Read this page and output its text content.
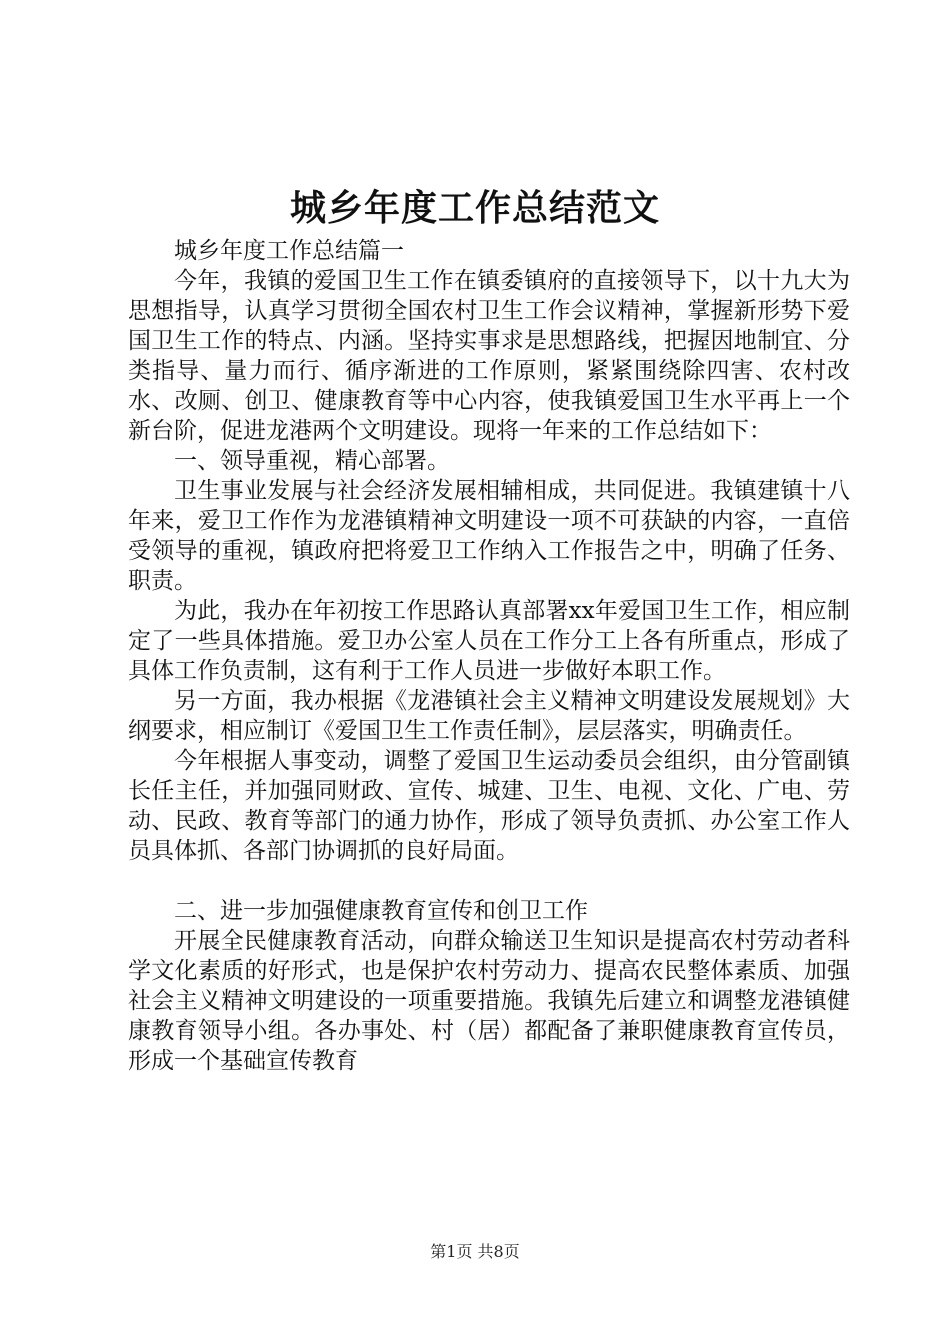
城乡年度工作总结范文

城乡年度工作总结篇一

今年，我镇的爱国卫生工作在镇委镇府的直接领导下，以十九大为思想指导，认真学习贯彻全国农村卫生工作会议精神，掌握新形势下爱国卫生工作的特点、内涵。坚持实事求是思想路线，把握因地制宜、分类指导、量力而行、循序渐进的工作原则，紧紧围绕除四害、农村改水、改厕、创卫、健康教育等中心内容，使我镇爱国卫生水平再上一个新台阶，促进龙港两个文明建设。现将一年来的工作总结如下：

一、领导重视，精心部署。

卫生事业发展与社会经济发展相辅相成，共同促进。我镇建镇十八年来，爱卫工作作为龙港镇精神文明建设一项不可获缺的内容，一直倍受领导的重视，镇政府把将爱卫工作纳入工作报告之中，明确了任务、职责。

为此，我办在年初按工作思路认真部署xx年爱国卫生工作，相应制定了一些具体措施。爱卫办公室人员在工作分工上各有所重点，形成了具体工作负责制，这有利于工作人员进一步做好本职工作。

另一方面，我办根据《龙港镇社会主义精神文明建设发展规划》大纲要求，相应制订《爱国卫生工作责任制》，层层落实，明确责任。

今年根据人事变动，调整了爱国卫生运动委员会组织，由分管副镇长任主任，并加强同财政、宣传、城建、卫生、电视、文化、广电、劳动、民政、教育等部门的通力协作，形成了领导负责抓、办公室工作人员具体抓、各部门协调抓的良好局面。

二、进一步加强健康教育宣传和创卫工作

开展全民健康教育活动，向群众输送卫生知识是提高农村劳动者科学文化素质的好形式，也是保护农村劳动力、提高农民整体素质、加强社会主义精神文明建设的一项重要措施。我镇先后建立和调整龙港镇健康教育领导小组。各办事处、村（居）都配备了兼职健康教育宣传员，形成一个基础宣传教育

第1页 共8页
